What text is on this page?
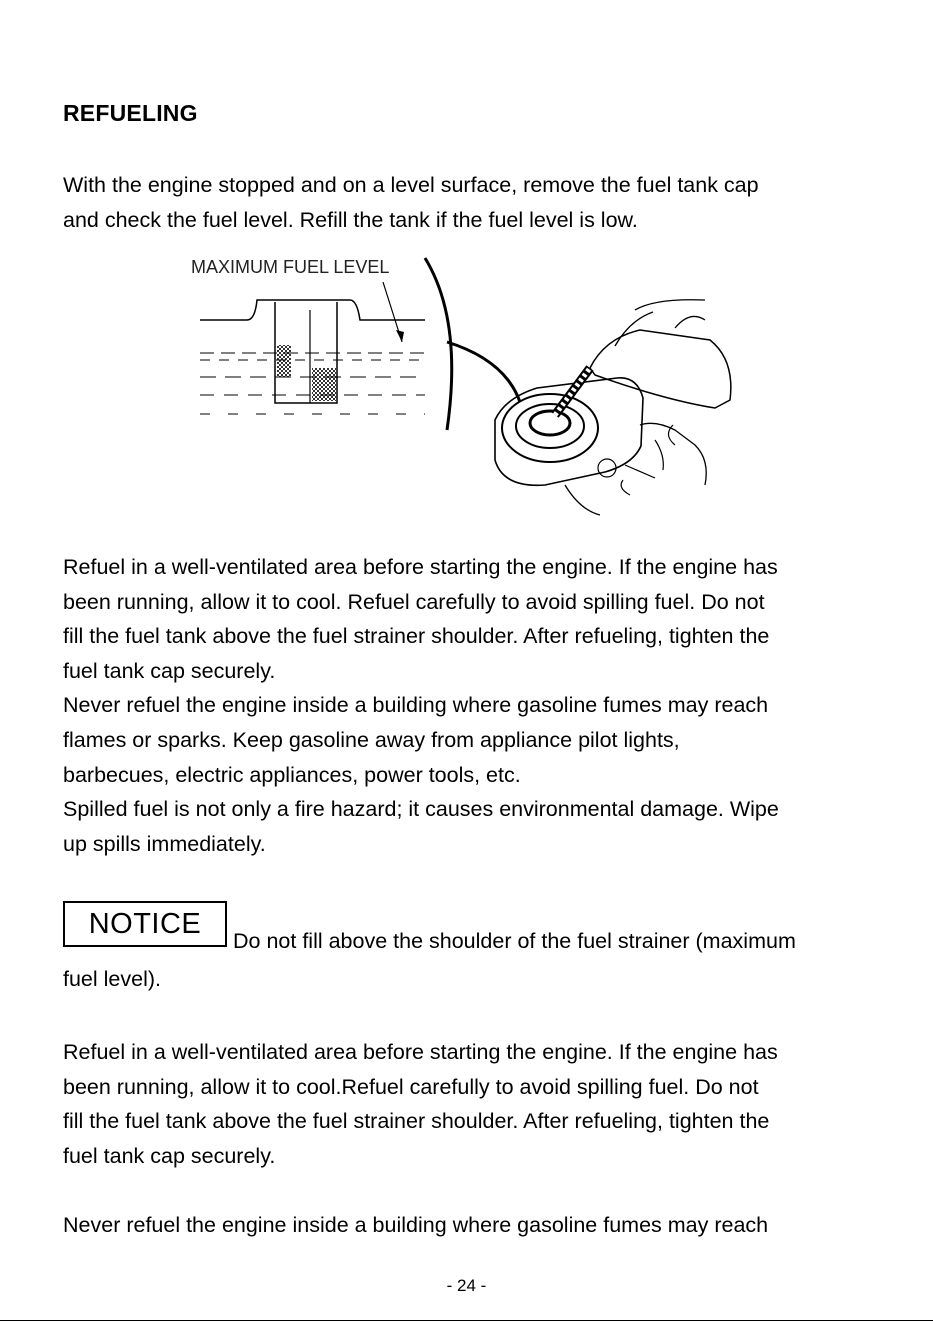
REFUELING

With the engine stopped and on a level surface, remove the fuel tank cap
and check the fuel level. Refill the tank if the fuel level is low.

MAXIMUM FUEL LEVEL

Refuel in a well-ventilated area before starting the engine. If the engine has
been running, allow it to cool. Refuel carefully to avoid spilling fuel. Do not
fill the fuel tank above the fuel strainer shoulder. After refueling, tighten the
fuel tank cap securely.
Never refuel the engine inside a building where gasoline fumes may reach
flames or sparks. Keep gasoline away from appliance pilot lights,
barbecues, electric appliances, power tools, etc.
Spilled fuel is not only a fire hazard; it causes environmental damage. Wipe
up spills immediately.

NOTICE

Do not fill above the shoulder of the fuel strainer (maximum

fuel level).

Refuel in a well-ventilated area before starting the engine. If the engine has
been running, allow it to cool.Refuel carefully to avoid spilling fuel. Do not
fill the fuel tank above the fuel strainer shoulder. After refueling, tighten the
fuel tank cap securely.

Never refuel the engine inside a building where gasoline fumes may reach

- 24 -
